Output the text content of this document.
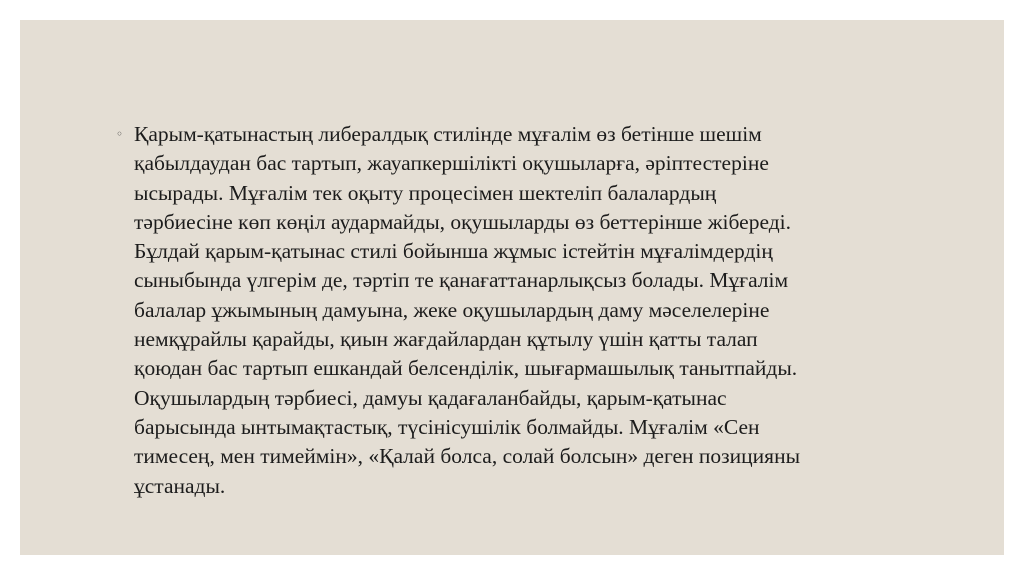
◦ Қарым-қатынастың либералдық стилінде мұғалім өз бетінше шешім
қабылдаудан бас тартып, жауапкершілікті оқушыларға, әріптестеріне
ысырады. Мұғалім тек оқыту процесімен шектеліп балалардың
тәрбиесіне көп көңіл аудармайды, оқушыларды өз беттерінше жібереді.
Бұлдай қарым-қатынас стилі бойынша жұмыс істейтін мұғалімдердің
сыныбында үлгерім де, тәртіп те қанағаттанарлықсыз болады. Мұғалім
балалар ұжымының дамуына, жеке оқушылардың даму мәселелеріне
немқұрайлы қарайды, қиын жағдайлардан құтылу үшін қатты талап
қоюдан бас тартып ешкандай белсенділік, шығармашылық танытпайды.
Оқушылардың тәрбиесі, дамуы қадағаланбайды, қарым-қатынас
барысында ынтымақтастық, түсінісушілік болмайды. Мұғалім «Сен
тимесең, мен тимеймін», «Қалай болса, солай болсын» деген позицияны
ұстанады.
